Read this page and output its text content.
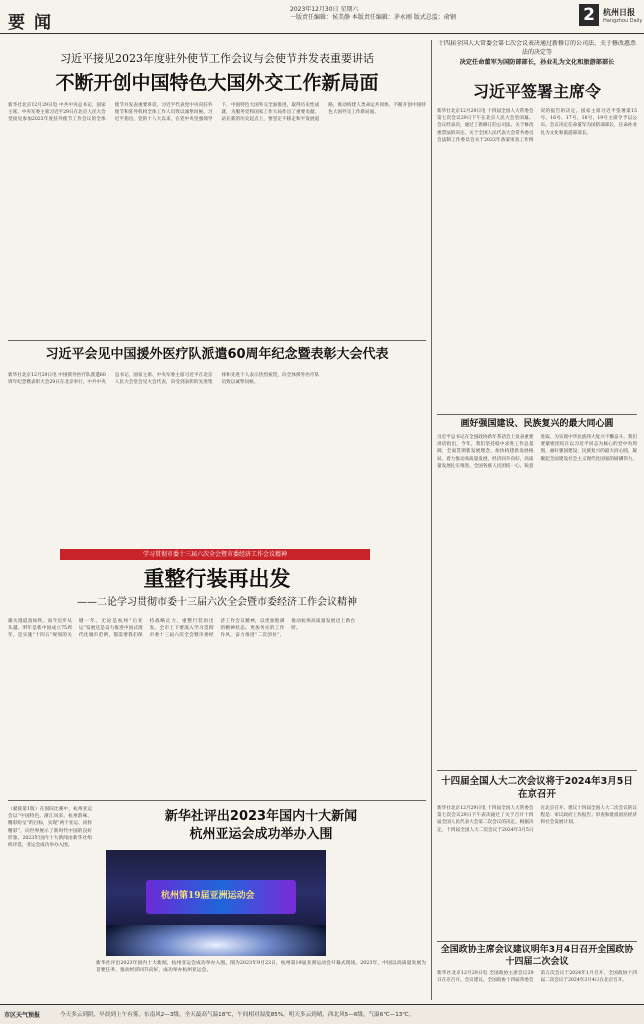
要闻
2023年12月30日 星期六
一版责任编辑：侯美静 本版责任编辑：茅永刚 版式总监：俞钢	2	杭州日报
Hangzhou Daily
习近平接见2023年度驻外使节工作会议与会使节并发表重要讲话
不断开创中国特色大国外交工作新局面
新华社北京12月29日电 中共中央总书记、国家主席、中央军委主席习近平29日在北京人民大会堂接见参加2023年度驻外使节工作会议的全体使节并发表重要讲话。习近平代表党中央向驻外使节和驻外机构全体工作人员致以诚挚问候。习近平指出，党的十八大以来，在党中央坚强领导下，中国特色大国外交全面推进，取得历史性成就，为服务党和国家工作大局作出了重要贡献。站在新的历史起点上，要坚定不移走和平发展道路，推动构建人类命运共同体，不断开创中国特色大国外交工作新局面。
习近平会见中国援外医疗队派遣60周年纪念暨表彰大会代表
新华社北京12月29日电 中国援外医疗队派遣60周年纪念暨表彰大会29日在北京举行。中共中央总书记、国家主席、中央军委主席习近平在北京人民大会堂会见大会代表，向受到表彰的先进集体和先进个人表示热烈祝贺，向全体援外医疗队员致以诚挚问候。
学习贯彻市委十三届六次全会暨市委经济工作会议精神
重整行装再出发
——二论学习贯彻市委十三届六次全会暨市委经济工作会议精神
雄关漫道真如铁，而今迈步从头越。明年是新中国成立75周年，是实施“十四五”规划的关键一年。无论是杭州“后亚运”发展还是奋力推进中国式现代化城市范例，都需要我们保持战略定力，重整行装再出发。全市上下要深入学习贯彻市委十三届六次全会暨市委经济工作会议精神，以更加饱满的精神状态、更加务实的工作作风，奋力推进“二次创业”，推动杭州高质量发展迈上新台阶。
（紧接第1版）在国际比赛中，杭州亚运会以“中国特色、浙江风采、杭州韵味、精彩纷呈”的目标，实现“两个亚运、同样精彩”，向世界展示了新时代中国的良好形象。2023年国内十大新闻由新华社组织评选，亚运会成功举办入围。
新华社评出2023年国内十大新闻
杭州亚运会成功举办入围
杭州第19届亚洲运动会
新华社评出2023年国内十大新闻，杭州亚运会成功举办入围。图为2023年9月23日，杭州第19届亚洲运动会开幕式现场。2023年，中国以高质量发展为首要任务，推动经济回升向好，成功举办杭州亚运会。
十四届全国人大常委会第七次会议表决通过新修订的公司法、关于修改惠票法的决定等
决定任命董军为国防部部长，孙业礼为文化和旅游部部长
习近平签署主席令
新华社北京12月29日电 十四届全国人大常委会第七次会议29日下午在北京人民大会堂闭幕。会议经表决，通过了新修订的公司法、关于修改惠票法的决定、关于全国人民代表大会常务委员会法制工作委员会关于2023年备案审查工作情况的报告的决定。国家主席习近平签署第15号、16号、17号、18号、19号主席令予以公布。会议决定任命董军为国防部部长，任命孙业礼为文化和旅游部部长。
画好强国建设、民族复兴的最大同心圆
习近平总书记在全国政协新年茶话会上发表重要讲话指出，今年，我们坚持稳中求进工作总基调，全面贯彻新发展理念，加快构建新发展格局，着力推动高质量发展，经济回升向好，高质量发展扎实推进。全国各族人民团结一心、锐意进取，为实现中华民族伟大复兴不懈奋斗。我们要紧密团结在以习近平同志为核心的党中央周围，画好强国建设、民族复兴的最大同心圆，凝聚起全面建设社会主义现代化国家的磅礴伟力。
十四届全国人大二次会议将于2024年3月5日在京召开
新华社北京12月29日电 十四届全国人大常委会第七次会议29日下午表决通过了关于召开十四届全国人民代表大会第二次会议的决定。根据决定，十四届全国人大二次会议于2024年3月5日在北京召开。建议十四届全国人大二次会议的议程是：审议政府工作报告；审查和批准国民经济和社会发展计划。
全国政协主席会议建议明年3月4日召开全国政协十四届二次会议
新华社北京12月29日电 全国政协主席会议29日在京召开。会议建议，全国政协十四届常委会第五次会议于2024年1月召开，全国政协十四届二次会议于2024年3月4日在北京召开。
市区天气预报	今天多云到阴，早晨到上午有雾，东南风2—3级，全天最高气温18℃，午间相对湿度85%，明天多云到晴，西北风5—6级，气温6℃—13℃。
